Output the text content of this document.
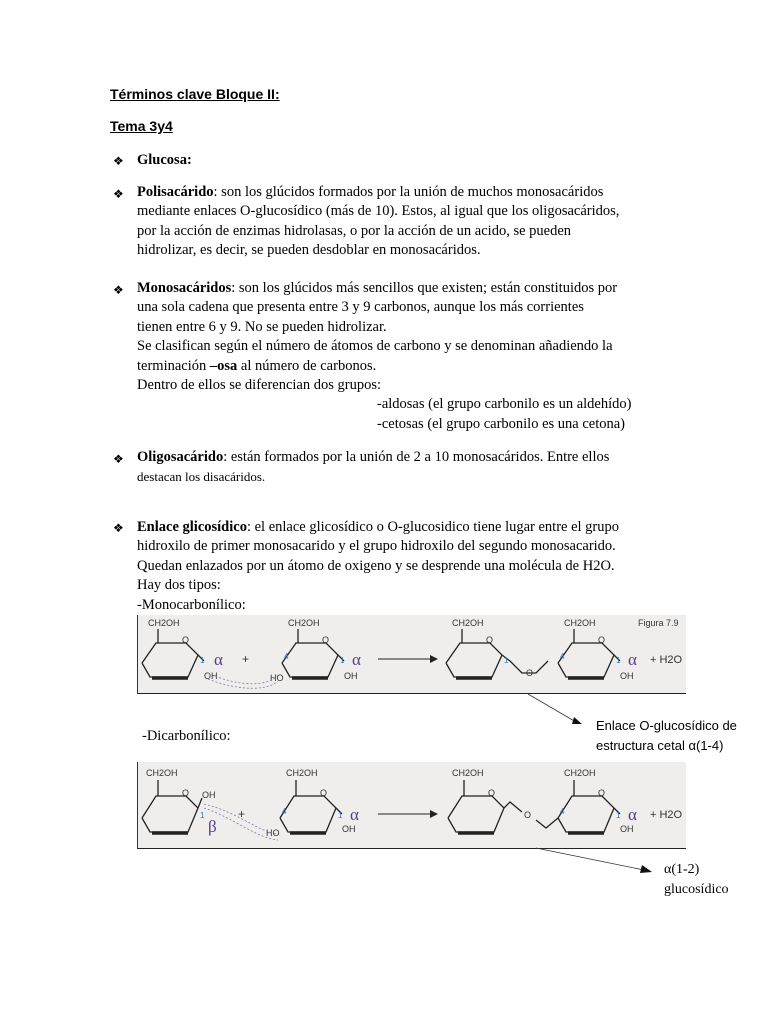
Términos clave Bloque II:
Tema 3y4
❖ Glucosa:
❖ Polisacárido: son los glúcidos formados por la unión de muchos monosacáridos
mediante enlaces O-glucosídico (más de 10). Estos, al igual que los oligosacáridos,
por la acción de enzimas hidrolasas, o por la acción de un acido, se pueden
hidrolizar, es decir, se pueden desdoblar en monosacáridos.
❖ Monosacáridos: son los glúcidos más sencillos que existen; están constituidos por
una sola cadena que presenta entre 3 y 9 carbonos, aunque los más corrientes
tienen entre 6 y 9. No se pueden hidrolizar.
Se clasifican según el número de átomos de carbono y se denominan añadiendo la
terminación –osa al número de carbonos.
Dentro de ellos se diferencian dos grupos:
-aldosas (el grupo carbonilo es un aldehído)
-cetosas (el grupo carbonilo es una cetona)
❖ Oligosacárido: están formados por la unión de 2 a 10 monosacáridos. Entre ellos
destacan los disacáridos.
❖ Enlace glicosídico: el enlace glicosídico o O-glucosidico tiene lugar entre el grupo
hidroxilo de primer monosacarido y el grupo hidroxilo del segundo monosacarido.
Quedan enlazados por un átomo de oxigeno y se desprende una molécula de H2O.
Hay dos tipos:
-Monocarbonílico:
CH2OH
O
OH
1 α +
CH2OH
O
HO	OH
4	1 α
CH2OH
O
O
1
CH2OH
O
OH
4	1 α + H2O
Figura 7.9
Enlace O-glucosídico de
estructura cetal α(1-4)
-Dicarbonílico:
CH2OH
O OH
1
β
+
CH2OH
O
HO	OH
4	1 α
CH2OH
O
O
CH2OH
O
OH
4	1 α + H2O
α(1-2)
glucosídico
